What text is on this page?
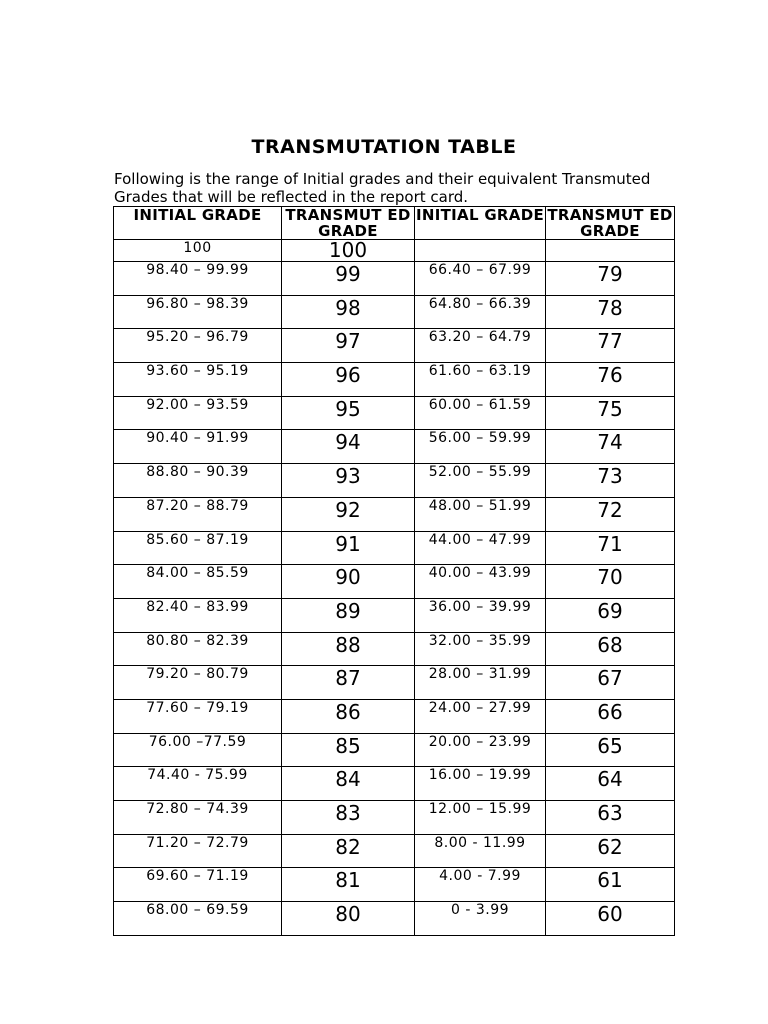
TRANSMUTATION TABLE
Following is the range of Initial grades and their equivalent Transmuted Grades that will be reflected in the report card.
INITIAL GRADE	TRANSMUT ED GRADE	INITIAL GRADE	TRANSMUT ED GRADE
100	100		
98.40 – 99.99	99	66.40 – 67.99	79
96.80 – 98.39	98	64.80 – 66.39	78
95.20 – 96.79	97	63.20 – 64.79	77
93.60 – 95.19	96	61.60 – 63.19	76
92.00 – 93.59	95	60.00 – 61.59	75
90.40 – 91.99	94	56.00 – 59.99	74
88.80 – 90.39	93	52.00 – 55.99	73
87.20 – 88.79	92	48.00 – 51.99	72
85.60 – 87.19	91	44.00 – 47.99	71
84.00 – 85.59	90	40.00 – 43.99	70
82.40 – 83.99	89	36.00 – 39.99	69
80.80 – 82.39	88	32.00 – 35.99	68
79.20 – 80.79	87	28.00 – 31.99	67
77.60 – 79.19	86	24.00 – 27.99	66
76.00 –77.59	85	20.00 – 23.99	65
74.40 - 75.99	84	16.00 – 19.99	64
72.80 – 74.39	83	12.00 – 15.99	63
71.20 – 72.79	82	8.00 - 11.99	62
69.60 – 71.19	81	4.00 - 7.99	61
68.00 – 69.59	80	0 - 3.99	60
